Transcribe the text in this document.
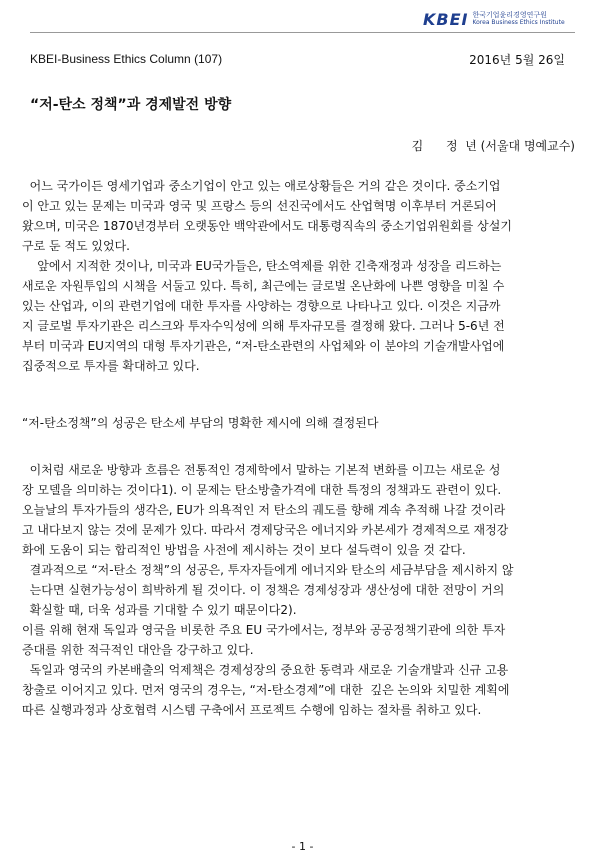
KBEI 한국기업윤리경영연구원
Korea Business Ethics Institute
KBEI-Business Ethics Column (107)	2016년 5월 26일
“저-탄소 정책”과 경제발전 방향
김      정  년 (서울대 명예교수)
어느 국가이든 영세기업과 중소기업이 안고 있는 애로상황들은 거의 같은 것이다. 중소기업
이 안고 있는 문제는 미국과 영국 및 프랑스 등의 선진국에서도 산업혁명 이후부터 거론되어
왔으며, 미국은 1870년경부터 오랫동안 백악관에서도 대통령직속의 중소기업위원회를 상설기
구로 둔 적도 있었다.
앞에서 지적한 것이나, 미국과 EU국가들은, 탄소역제를 위한 긴축재정과 성장을 리드하는
새로운 자원투입의 시책을 서둘고 있다. 특히, 최근에는 글로벌 온난화에 나쁜 영향을 미칠 수
있는 산업과, 이의 관련기업에 대한 투자를 사양하는 경향으로 나타나고 있다. 이것은 지금까
지 글로벌 투자기관은 리스크와 투자수익성에 의해 투자규모를 결정해 왔다. 그러나 5-6년 전
부터 미국과 EU지역의 대형 투자기관은, “저-탄소관련의 사업체와 이 분야의 기술개발사업에
집중적으로 투자를 확대하고 있다.
“저-탄소정책”의 성공은 탄소세 부담의 명확한 제시에 의해 결정된다
이처럼 새로운 방향과 흐름은 전통적인 경제학에서 말하는 기본적 변화를 이끄는 새로운 성
장 모델을 의미하는 것이다1). 이 문제는 탄소방출가격에 대한 특정의 정책과도 관련이 있다.
오늘날의 투자가들의 생각은, EU가 의욕적인 저 탄소의 궤도를 향해 계속 추적해 나갈 것이라
고 내다보지 않는 것에 문제가 있다. 따라서 경제당국은 에너지와 카본세가 경제적으로 재정강
화에 도움이 되는 합리적인 방법을 사전에 제시하는 것이 보다 설득력이 있을 것 같다.
결과적으로 “저-탄소 정책”의 성공은, 투자자들에게 에너지와 탄소의 세금부담을 제시하지 않
는다면 실현가능성이 희박하게 될 것이다. 이 정책은 경제성장과 생산성에 대한 전망이 거의
확실할 때, 더욱 성과를 기대할 수 있기 때문이다2).
이를 위해 현재 독일과 영국을 비롯한 주요 EU 국가에서는, 정부와 공공정책기관에 의한 투자
증대를 위한 적극적인 대안을 강구하고 있다.
독일과 영국의 카본배출의 억제책은 경제성장의 중요한 동력과 새로운 기술개발과 신규 고용
창출로 이어지고 있다. 먼저 영국의 경우는, “저-탄소경제”에 대한  깊은 논의와 치밀한 계획에
따른 실행과정과 상호협력 시스템 구축에서 프로젝트 수행에 임하는 절차를 취하고 있다.
- 1 -
